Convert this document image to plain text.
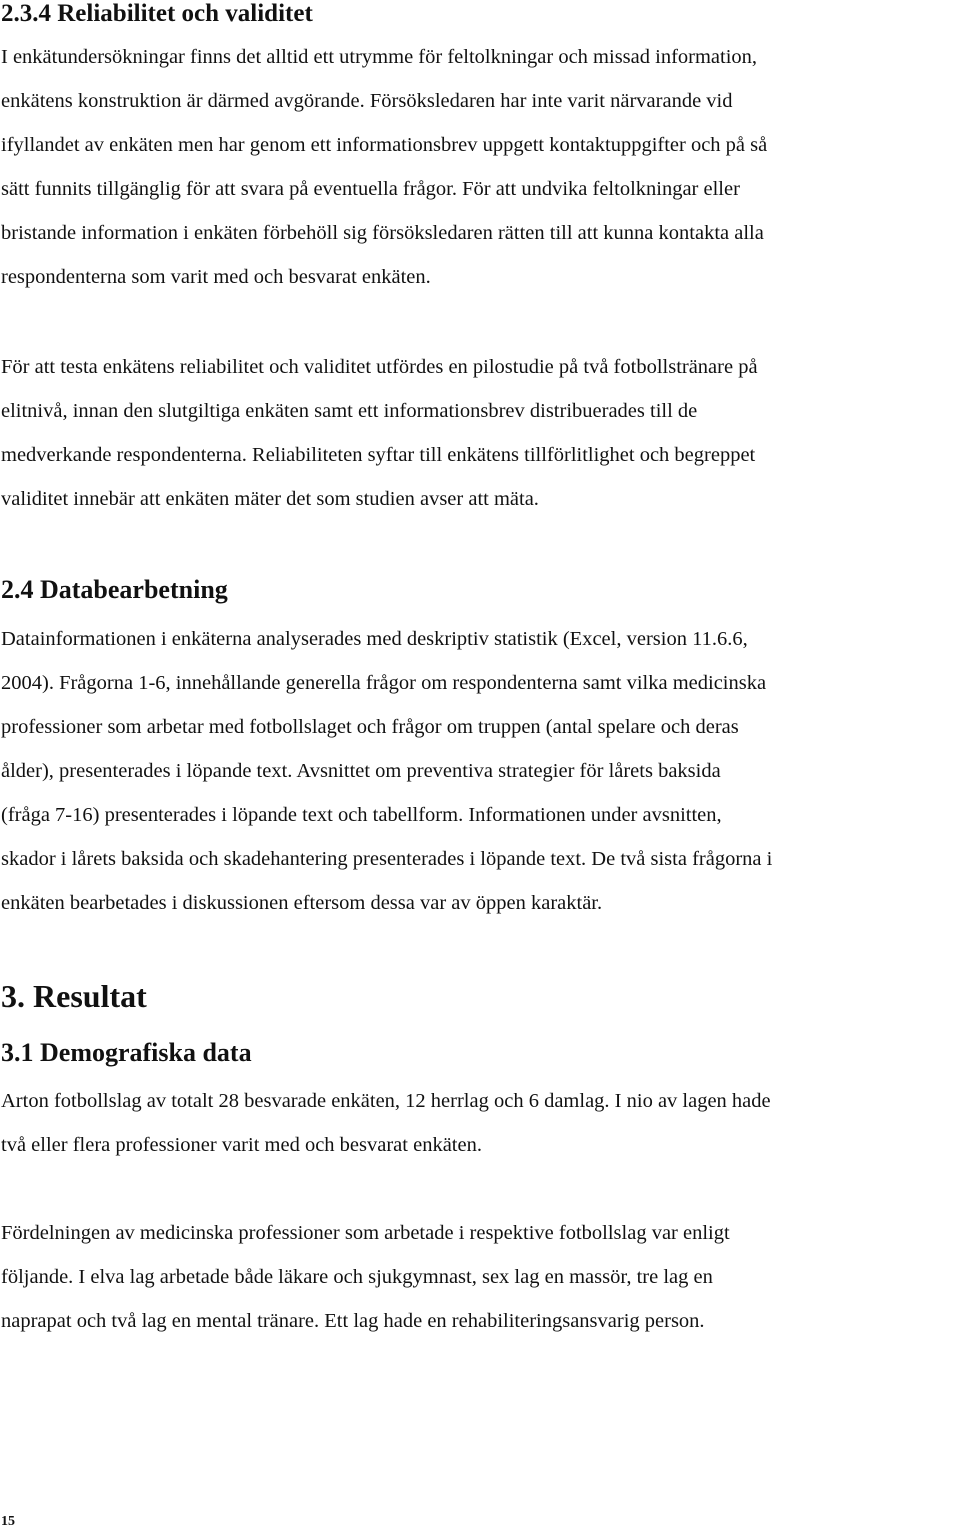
2.3.4 Reliabilitet och validitet
I enkätundersökningar finns det alltid ett utrymme för feltolkningar och missad information,
enkätens konstruktion är därmed avgörande. Försöksledaren har inte varit närvarande vid
ifyllandet av enkäten men har genom ett informationsbrev uppgett kontaktuppgifter och på så
sätt funnits tillgänglig för att svara på eventuella frågor. För att undvika feltolkningar eller
bristande information i enkäten förbehöll sig försöksledaren rätten till att kunna kontakta alla
respondenterna som varit med och besvarat enkäten.
För att testa enkätens reliabilitet och validitet utfördes en pilostudie på två fotbollstränare på
elitnivå, innan den slutgiltiga enkäten samt ett informationsbrev distribuerades till de
medverkande respondenterna. Reliabiliteten syftar till enkätens tillförlitlighet och begreppet
validitet innebär att enkäten mäter det som studien avser att mäta.
2.4 Databearbetning
Datainformationen i enkäterna analyserades med deskriptiv statistik (Excel, version 11.6.6,
2004). Frågorna 1-6, innehållande generella frågor om respondenterna samt vilka medicinska
professioner som arbetar med fotbollslaget och frågor om truppen (antal spelare och deras
ålder), presenterades i löpande text. Avsnittet om preventiva strategier för lårets baksida
(fråga 7-16) presenterades i löpande text och tabellform. Informationen under avsnitten,
skador i lårets baksida och skadehantering presenterades i löpande text. De två sista frågorna i
enkäten bearbetades i diskussionen eftersom dessa var av öppen karaktär.
3. Resultat
3.1 Demografiska data
Arton fotbollslag av totalt 28 besvarade enkäten, 12 herrlag och 6 damlag. I nio av lagen hade
två eller flera professioner varit med och besvarat enkäten.
Fördelningen av medicinska professioner som arbetade i respektive fotbollslag var enligt
följande. I elva lag arbetade både läkare och sjukgymnast, sex lag en massör, tre lag en
naprapat och två lag en mental tränare. Ett lag hade en rehabiliteringsansvarig person.
15
